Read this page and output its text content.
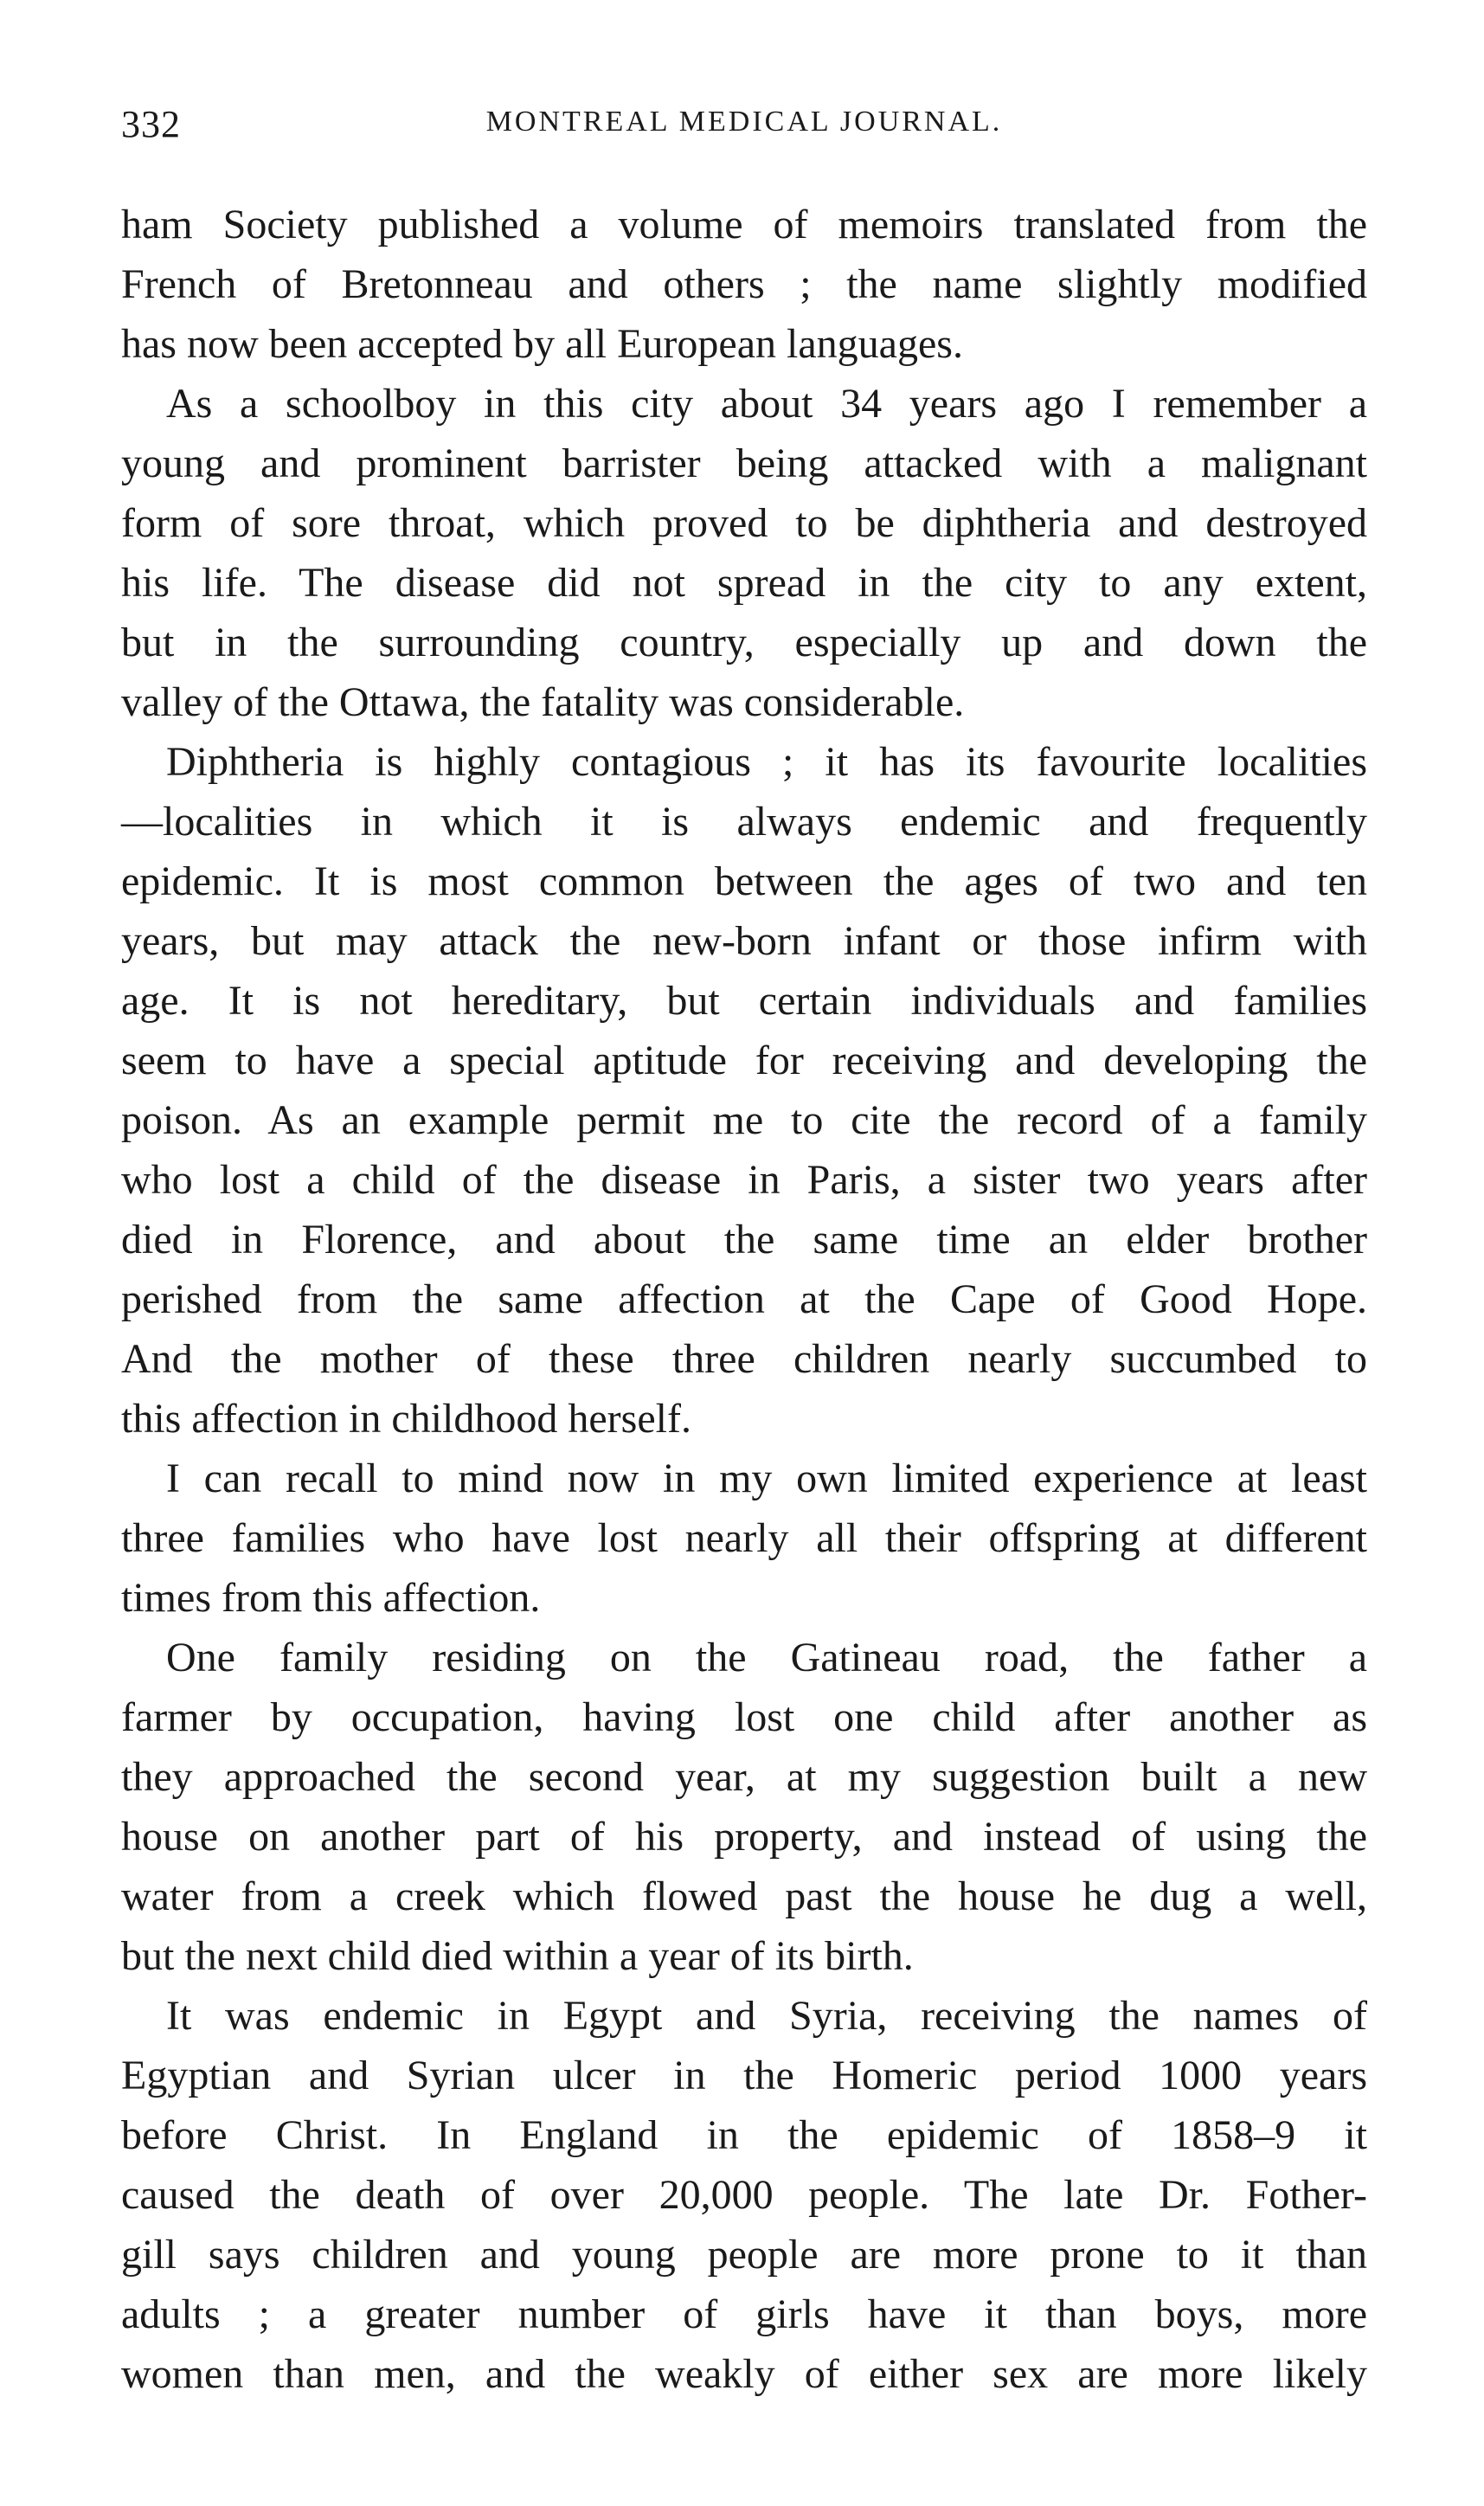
332	MONTREAL MEDICAL JOURNAL.

ham Society published a volume of memoirs translated from the
French of Bretonneau and others ; the name slightly modified
has now been accepted by all European languages.

As a schoolboy in this city about 34 years ago I remember a
young and prominent barrister being attacked with a malignant
form of sore throat, which proved to be diphtheria and destroyed
his life. The disease did not spread in the city to any extent,
but in the surrounding country, especially up and down the
valley of the Ottawa, the fatality was considerable.

Diphtheria is highly contagious ; it has its favourite localities
—localities in which it is always endemic and frequently
epidemic. It is most common between the ages of two and ten
years, but may attack the new-born infant or those infirm with
age. It is not hereditary, but certain individuals and families
seem to have a special aptitude for receiving and developing the
poison. As an example permit me to cite the record of a family
who lost a child of the disease in Paris, a sister two years after
died in Florence, and about the same time an elder brother
perished from the same affection at the Cape of Good Hope.
And the mother of these three children nearly succumbed to
this affection in childhood herself.

I can recall to mind now in my own limited experience at least
three families who have lost nearly all their offspring at different
times from this affection.

One family residing on the Gatineau road, the father a
farmer by occupation, having lost one child after another as
they approached the second year, at my suggestion built a new
house on another part of his property, and instead of using the
water from a creek which flowed past the house he dug a well,
but the next child died within a year of its birth.

It was endemic in Egypt and Syria, receiving the names of
Egyptian and Syrian ulcer in the Homeric period 1000 years
before Christ. In England in the epidemic of 1858–9 it
caused the death of over 20,000 people. The late Dr. Fother-
gill says children and young people are more prone to it than
adults ; a greater number of girls have it than boys, more
women than men, and the weakly of either sex are more likely
